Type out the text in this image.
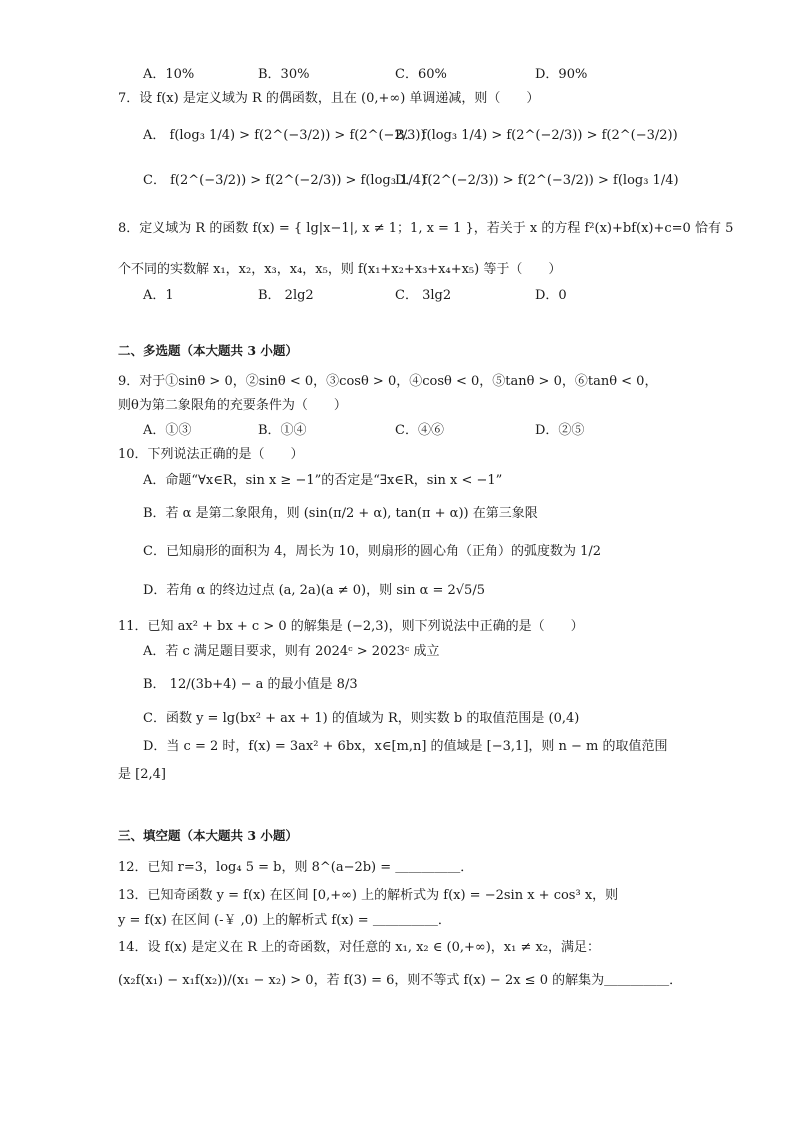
A．10%	B．30%	C．60%	D．90%
7．设 f(x) 是定义域为 R 的偶函数，且在 (0,+∞) 单调递减，则（　　）
A． f(log₃ 1/4) > f(2^(−3/2)) > f(2^(−2/3))
B． f(log₃ 1/4) > f(2^(−2/3)) > f(2^(−3/2))
C． f(2^(−3/2)) > f(2^(−2/3)) > f(log₃ 1/4)
D． f(2^(−2/3)) > f(2^(−3/2)) > f(log₃ 1/4)
8．定义域为 R 的函数 f(x) = { lg|x−1|, x ≠ 1；1, x = 1 }，若关于 x 的方程 f²(x)+bf(x)+c=0 恰有 5
个不同的实数解 x₁，x₂，x₃，x₄，x₅，则 f(x₁+x₂+x₃+x₄+x₅) 等于（　　）
A．1	B． 2lg2	C． 3lg2	D．0
二、多选题（本大题共 3 小题）
9．对于①sinθ > 0，②sinθ < 0，③cosθ > 0，④cosθ < 0，⑤tanθ > 0，⑥tanθ < 0，
则θ为第二象限角的充要条件为（　　）
A．①③	B．①④	C．④⑥	D．②⑤
10．下列说法正确的是（　　）
A．命题“∀x∈R，sin x ≥ −1”的否定是“∃x∈R，sin x < −1”
B．若 α 是第二象限角，则 (sin(π/2 + α), tan(π + α)) 在第三象限
C．已知扇形的面积为 4，周长为 10，则扇形的圆心角（正角）的弧度数为 1/2
D．若角 α 的终边过点 (a, 2a)(a ≠ 0)，则 sin α = 2√5/5
11．已知 ax² + bx + c > 0 的解集是 (−2,3)，则下列说法中正确的是（　　）
A．若 c 满足题目要求，则有 2024ᶜ > 2023ᶜ 成立
B． 12/(3b+4) − a 的最小值是 8/3
C．函数 y = lg(bx² + ax + 1) 的值域为 R，则实数 b 的取值范围是 (0,4)
D．当 c = 2 时，f(x) = 3ax² + 6bx，x∈[m,n] 的值域是 [−3,1]，则 n − m 的取值范围
是 [2,4]
三、填空题（本大题共 3 小题）
12．已知 r=3，log₄ 5 = b，则 8^(a−2b) = ＿＿＿＿＿．
13．已知奇函数 y = f(x) 在区间 [0,+∞) 上的解析式为 f(x) = −2sin x + cos³ x，则
y = f(x) 在区间 (-￥ ,0) 上的解析式 f(x) = ＿＿＿＿＿．
14．设 f(x) 是定义在 R 上的奇函数，对任意的 x₁, x₂ ∈ (0,+∞)，x₁ ≠ x₂，满足：
(x₂f(x₁) − x₁f(x₂))/(x₁ − x₂) > 0，若 f(3) = 6，则不等式 f(x) − 2x ≤ 0 的解集为＿＿＿＿＿．
